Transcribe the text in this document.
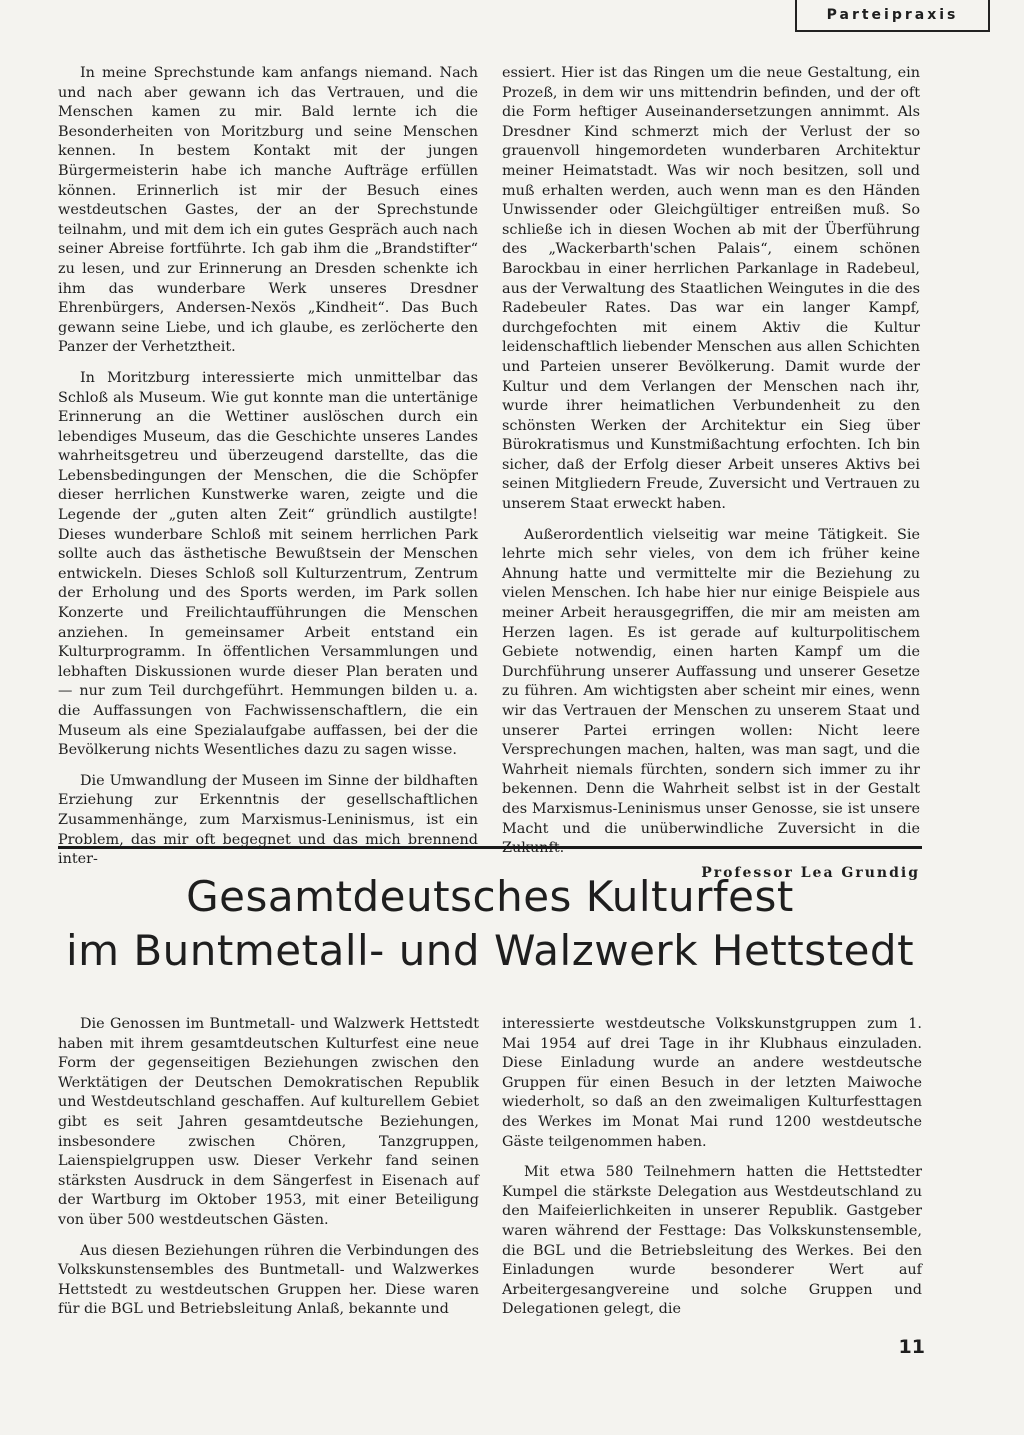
Parteipraxis

In meine Sprechstunde kam anfangs niemand. Nach und nach aber gewann ich das Vertrauen, und die Menschen kamen zu mir. Bald lernte ich die Besonderheiten von Moritzburg und seine Menschen kennen. In bestem Kontakt mit der jungen Bürgermeisterin habe ich manche Aufträge erfüllen können. Erinnerlich ist mir der Besuch eines westdeutschen Gastes, der an der Sprechstunde teilnahm, und mit dem ich ein gutes Gespräch auch nach seiner Abreise fortführte. Ich gab ihm die „Brandstifter“ zu lesen, und zur Erinnerung an Dresden schenkte ich ihm das wunderbare Werk unseres Dresdner Ehrenbürgers, Andersen-Nexös „Kindheit“. Das Buch gewann seine Liebe, und ich glaube, es zerlöcherte den Panzer der Verhetztheit.

In Moritzburg interessierte mich unmittelbar das Schloß als Museum. Wie gut konnte man die untertänige Erinnerung an die Wettiner auslöschen durch ein lebendiges Museum, das die Geschichte unseres Landes wahrheitsgetreu und überzeugend darstellte, das die Lebensbedingungen der Menschen, die die Schöpfer dieser herrlichen Kunstwerke waren, zeigte und die Legende der „guten alten Zeit“ gründlich austilgte! Dieses wunderbare Schloß mit seinem herrlichen Park sollte auch das ästhetische Bewußtsein der Menschen entwickeln. Dieses Schloß soll Kulturzentrum, Zentrum der Erholung und des Sports werden, im Park sollen Konzerte und Freilichtaufführungen die Menschen anziehen. In gemeinsamer Arbeit entstand ein Kulturprogramm. In öffentlichen Versammlungen und lebhaften Diskussionen wurde dieser Plan beraten und — nur zum Teil durchgeführt. Hemmungen bilden u. a. die Auffassungen von Fachwissenschaftlern, die ein Museum als eine Spezialaufgabe auffassen, bei der die Bevölkerung nichts Wesentliches dazu zu sagen wisse.

Die Umwandlung der Museen im Sinne der bildhaften Erziehung zur Erkenntnis der gesellschaftlichen Zusammenhänge, zum Marxismus-Leninismus, ist ein Problem, das mir oft begegnet und das mich brennend inter-

essiert. Hier ist das Ringen um die neue Gestaltung, ein Prozeß, in dem wir uns mittendrin befinden, und der oft die Form heftiger Auseinandersetzungen annimmt. Als Dresdner Kind schmerzt mich der Verlust der so grauenvoll hingemordeten wunderbaren Architektur meiner Heimatstadt. Was wir noch besitzen, soll und muß erhalten werden, auch wenn man es den Händen Unwissender oder Gleichgültiger entreißen muß. So schließe ich in diesen Wochen ab mit der Überführung des „Wackerbarth'schen Palais“, einem schönen Barockbau in einer herrlichen Parkanlage in Radebeul, aus der Verwaltung des Staatlichen Weingutes in die des Radebeuler Rates. Das war ein langer Kampf, durchgefochten mit einem Aktiv die Kultur leidenschaftlich liebender Menschen aus allen Schichten und Parteien unserer Bevölkerung. Damit wurde der Kultur und dem Verlangen der Menschen nach ihr, wurde ihrer heimatlichen Verbundenheit zu den schönsten Werken der Architektur ein Sieg über Bürokratismus und Kunstmißachtung erfochten. Ich bin sicher, daß der Erfolg dieser Arbeit unseres Aktivs bei seinen Mitgliedern Freude, Zuversicht und Vertrauen zu unserem Staat erweckt haben.

Außerordentlich vielseitig war meine Tätigkeit. Sie lehrte mich sehr vieles, von dem ich früher keine Ahnung hatte und vermittelte mir die Beziehung zu vielen Menschen. Ich habe hier nur einige Beispiele aus meiner Arbeit herausgegriffen, die mir am meisten am Herzen lagen. Es ist gerade auf kulturpolitischem Gebiete notwendig, einen harten Kampf um die Durchführung unserer Auffassung und unserer Gesetze zu führen. Am wichtigsten aber scheint mir eines, wenn wir das Vertrauen der Menschen zu unserem Staat und unserer Partei erringen wollen: Nicht leere Versprechungen machen, halten, was man sagt, und die Wahrheit niemals fürchten, sondern sich immer zu ihr bekennen. Denn die Wahrheit selbst ist in der Gestalt des Marxismus-Leninismus unser Genosse, sie ist unsere Macht und die unüberwindliche Zuversicht in die Zukunft.

Professor Lea Grundig
Gesamtdeutsches Kulturfest
im Buntmetall- und Walzwerk Hettstedt

Die Genossen im Buntmetall- und Walzwerk Hettstedt haben mit ihrem gesamtdeutschen Kulturfest eine neue Form der gegenseitigen Beziehungen zwischen den Werktätigen der Deutschen Demokratischen Republik und Westdeutschland geschaffen. Auf kulturellem Gebiet gibt es seit Jahren gesamtdeutsche Beziehungen, insbesondere zwischen Chören, Tanzgruppen, Laienspielgruppen usw. Dieser Verkehr fand seinen stärksten Ausdruck in dem Sängerfest in Eisenach auf der Wartburg im Oktober 1953, mit einer Beteiligung von über 500 westdeutschen Gästen.

Aus diesen Beziehungen rühren die Verbindungen des Volkskunstensembles des Buntmetall- und Walzwerkes Hettstedt zu westdeutschen Gruppen her. Diese waren für die BGL und Betriebsleitung Anlaß, bekannte und

interessierte westdeutsche Volkskunstgruppen zum 1. Mai 1954 auf drei Tage in ihr Klubhaus einzuladen. Diese Einladung wurde an andere westdeutsche Gruppen für einen Besuch in der letzten Maiwoche wiederholt, so daß an den zweimaligen Kulturfesttagen des Werkes im Monat Mai rund 1200 westdeutsche Gäste teilgenommen haben.

Mit etwa 580 Teilnehmern hatten die Hettstedter Kumpel die stärkste Delegation aus Westdeutschland zu den Maifeierlichkeiten in unserer Republik. Gastgeber waren während der Festtage: Das Volkskunstensemble, die BGL und die Betriebsleitung des Werkes. Bei den Einladungen wurde besonderer Wert auf Arbeitergesangvereine und solche Gruppen und Delegationen gelegt, die

11
